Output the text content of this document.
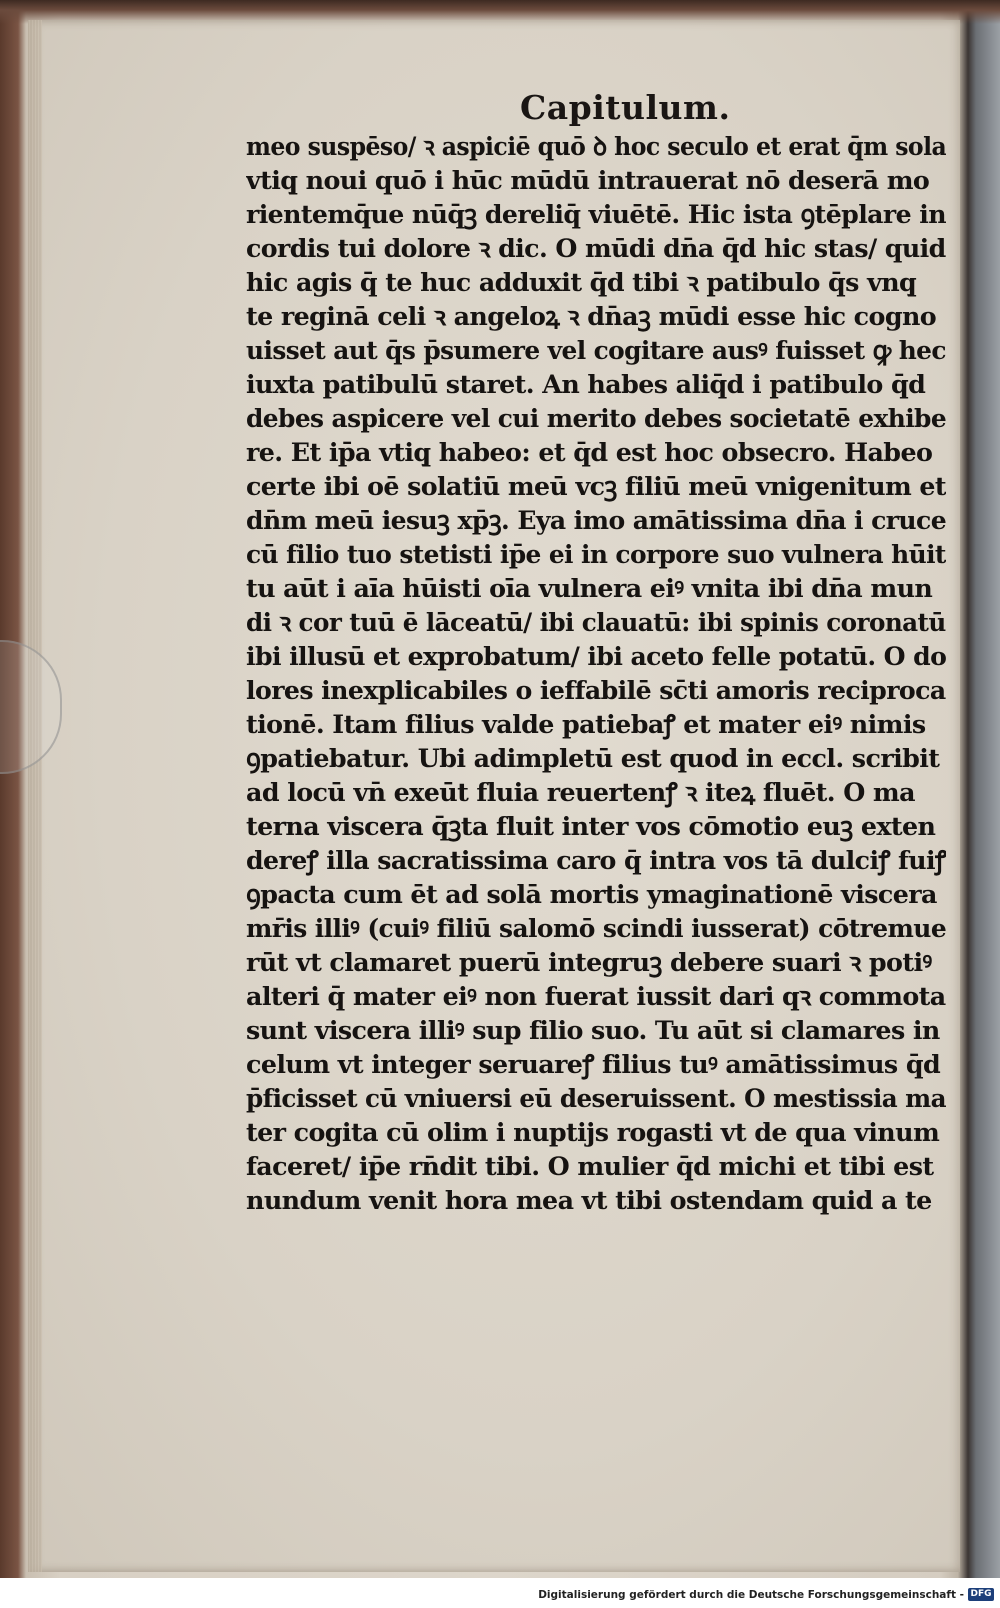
Capitulum.
meo suspēso/ ꝛ aspiciē quō ꝺ hoc seculo et erat q̄m sola
vtiq̧ noui quō i hūc mūdū intrauerat nō deserā mo
rientemq̄ue nūq̄ꝫ dereliq̄ viuētē. Hic ista ꝯtēplare in
cordis tui dolore ꝛ dic. O mūdi dn̄a q̄d hic stas/ quid
hic agis q̄ te huc adduxit q̄d tibi ꝛ patibulo q̄s vnq̧
te reginā celi ꝛ angeloꝝ ꝛ dn̄aꝫ mūdi esse hic cogno
uisset aut q̄s p̄sumere vel cogitare ausꝰ fuisset ꝙ hec
iuxta patibulū staret. An habes aliq̄d i patibulo q̄d
debes aspicere vel cui merito debes societatē exhibe
re. Et ip̄a vtiq̧ habeo: et q̄d est hoc obsecro. Habeo
certe ibi oē solatiū meū vcꝫ filiū meū vnigenitum et
dn̄m meū iesuꝫ xp̄ꝫ. Eya imo amātissima dn̄a i cruce
cū filio tuo stetisti ip̄e ei in corpore suo vulnera hūit
tu aūt i aīa hūisti oīa vulnera eiꝰ vnita ibi dn̄a mun
di ꝛ cor tuū ē lāceatū/ ibi clauatū: ibi spinis coronatū
ibi illusū et exprobatum/ ibi aceto felle potatū. O do
lores inexplicabiles o ieffabilē sc̄ti amoris reciproca
tionē. Itam filius valde patiebaꝭ et mater eiꝰ nimis
ꝯpatiebatur. Ubi adimpletū est quod in eccl. scribit
ad locū vn̄ exeūt fluia reuertenꝭ ꝛ iteꝝ fluēt. O ma
terna viscera q̄ꝫta fluit inter vos cōmotio euꝫ exten
dereꝭ illa sacratissima caro q̄ intra vos tā dulciꝭ fuiꝭ
ꝯpacta cum ēt ad solā mortis ymaginationē viscera
mr̄is illiꝰ (cuiꝰ filiū salomō scindi iusserat) cōtremue
rūt vt clamaret puerū integruꝫ debere suari ꝛ potiꝰ
alteri q̄ mater eiꝰ non fuerat iussit dari qꝛ commota
sunt viscera illiꝰ sup filio suo. Tu aūt si clamares in
celum vt integer seruareꝭ filius tuꝰ amātissimus q̄d
p̄ficisset cū vniuersi eū deseruissent. O mestissia ma
ter cogita cū olim i nuptijs rogasti vt de qua vinum
faceret/ ip̄e rn̄dit tibi. O mulier q̄d michi et tibi est
nundum venit hora mea vt tibi ostendam quid a te
Digitalisierung gefördert durch die Deutsche Forschungsgemeinschaft - DFG
